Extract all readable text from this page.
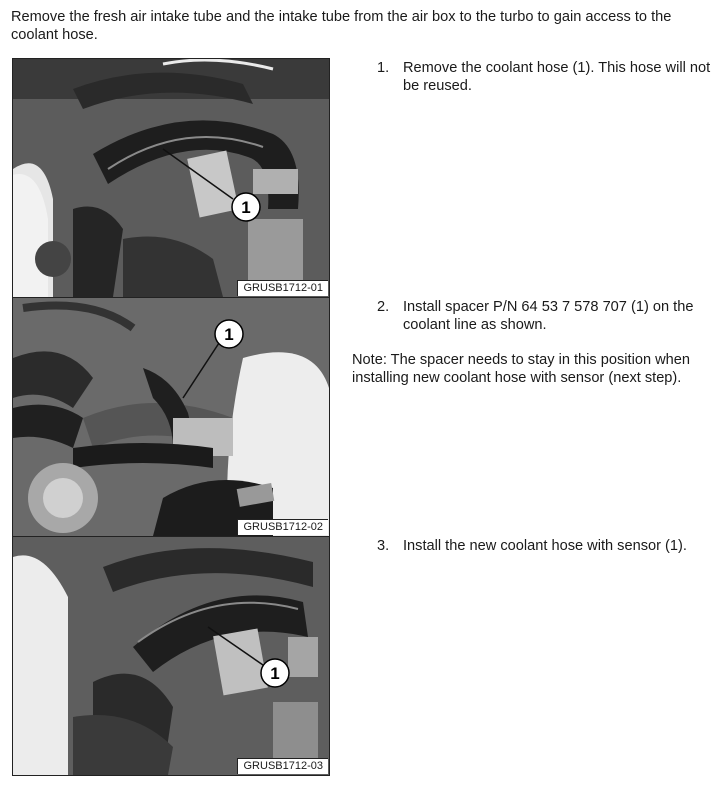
Remove the fresh air intake tube and the intake tube from the air box to the turbo to gain access to the coolant hose.
1
GRUSB1712-01
1
GRUSB1712-02
1
GRUSB1712-03
1. Remove the coolant hose (1). This hose will not be reused.
2. Install spacer P/N 64 53 7 578 707 (1) on the coolant line as shown.
Note: The spacer needs to stay in this position when installing new coolant hose with sensor (next step).
3. Install the new coolant hose with sensor (1).
